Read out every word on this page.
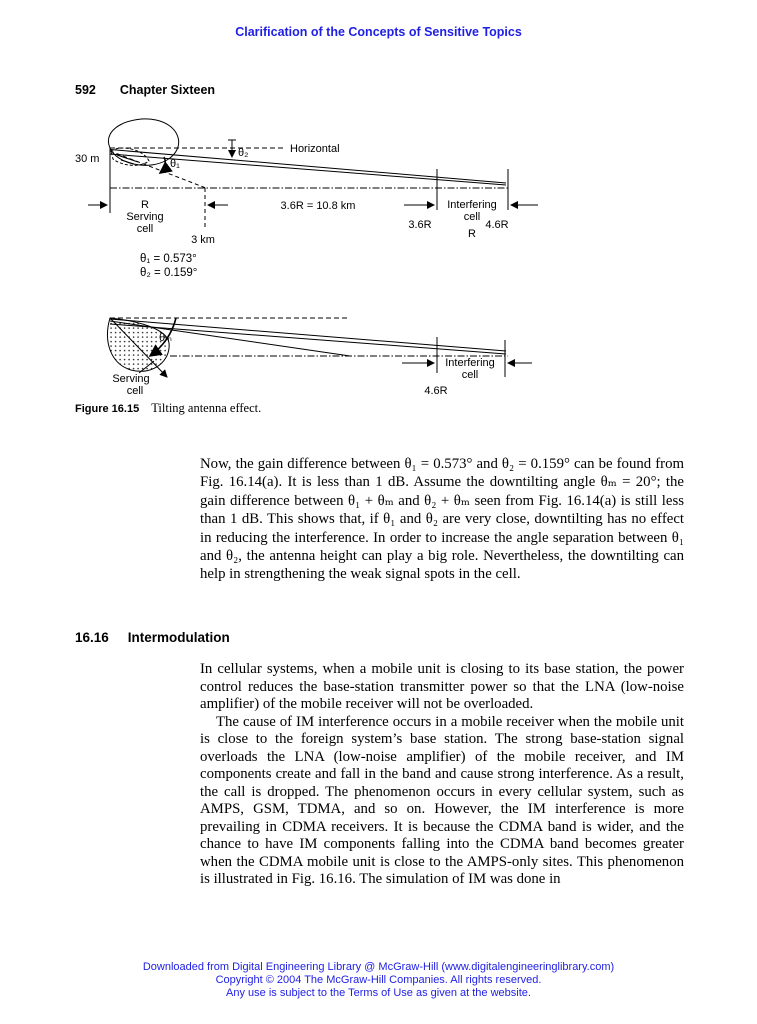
Clarification of the Concepts of Sensitive Topics
592 Chapter Sixteen
30 m
Horizontal
θ₂
θ₁
R
Serving
cell
3 km
3.6R = 10.8 km	Interfering
cell
R
3.6R	4.6R
θ₁ = 0.573°
θ₂ = 0.159°
θₘ
Serving
cell
Interfering
cell
4.6R
Figure 16.15 Tilting antenna effect.

Now, the gain difference between θ₁ = 0.573° and θ₂ = 0.159° can be found from Fig. 16.14(a). It is less than 1 dB. Assume the downtilting angle θₘ = 20°; the gain difference between θ₁ + θₘ and θ₂ + θₘ seen from Fig. 16.14(a) is still less than 1 dB. This shows that, if θ₁ and θ₂ are very close, downtilting has no effect in reducing the interference. In order to increase the angle separation between θ₁ and θ₂, the antenna height can play a big role. Nevertheless, the downtilting can help in strengthening the weak signal spots in the cell.

16.16 Intermodulation

In cellular systems, when a mobile unit is closing to its base station, the power control reduces the base-station transmitter power so that the LNA (low-noise amplifier) of the mobile receiver will not be overloaded.

The cause of IM interference occurs in a mobile receiver when the mobile unit is close to the foreign system’s base station. The strong base-station signal overloads the LNA (low-noise amplifier) of the mobile receiver, and IM components create and fall in the band and cause strong interference. As a result, the call is dropped. The phenomenon occurs in every cellular system, such as AMPS, GSM, TDMA, and so on. However, the IM interference is more prevailing in CDMA receivers. It is because the CDMA band is wider, and the chance to have IM components falling into the CDMA band becomes greater when the CDMA mobile unit is close to the AMPS-only sites. This phenomenon is illustrated in Fig. 16.16. The simulation of IM was done in

Downloaded from Digital Engineering Library @ McGraw-Hill (www.digitalengineeringlibrary.com)
Copyright © 2004 The McGraw-Hill Companies. All rights reserved.
Any use is subject to the Terms of Use as given at the website.
